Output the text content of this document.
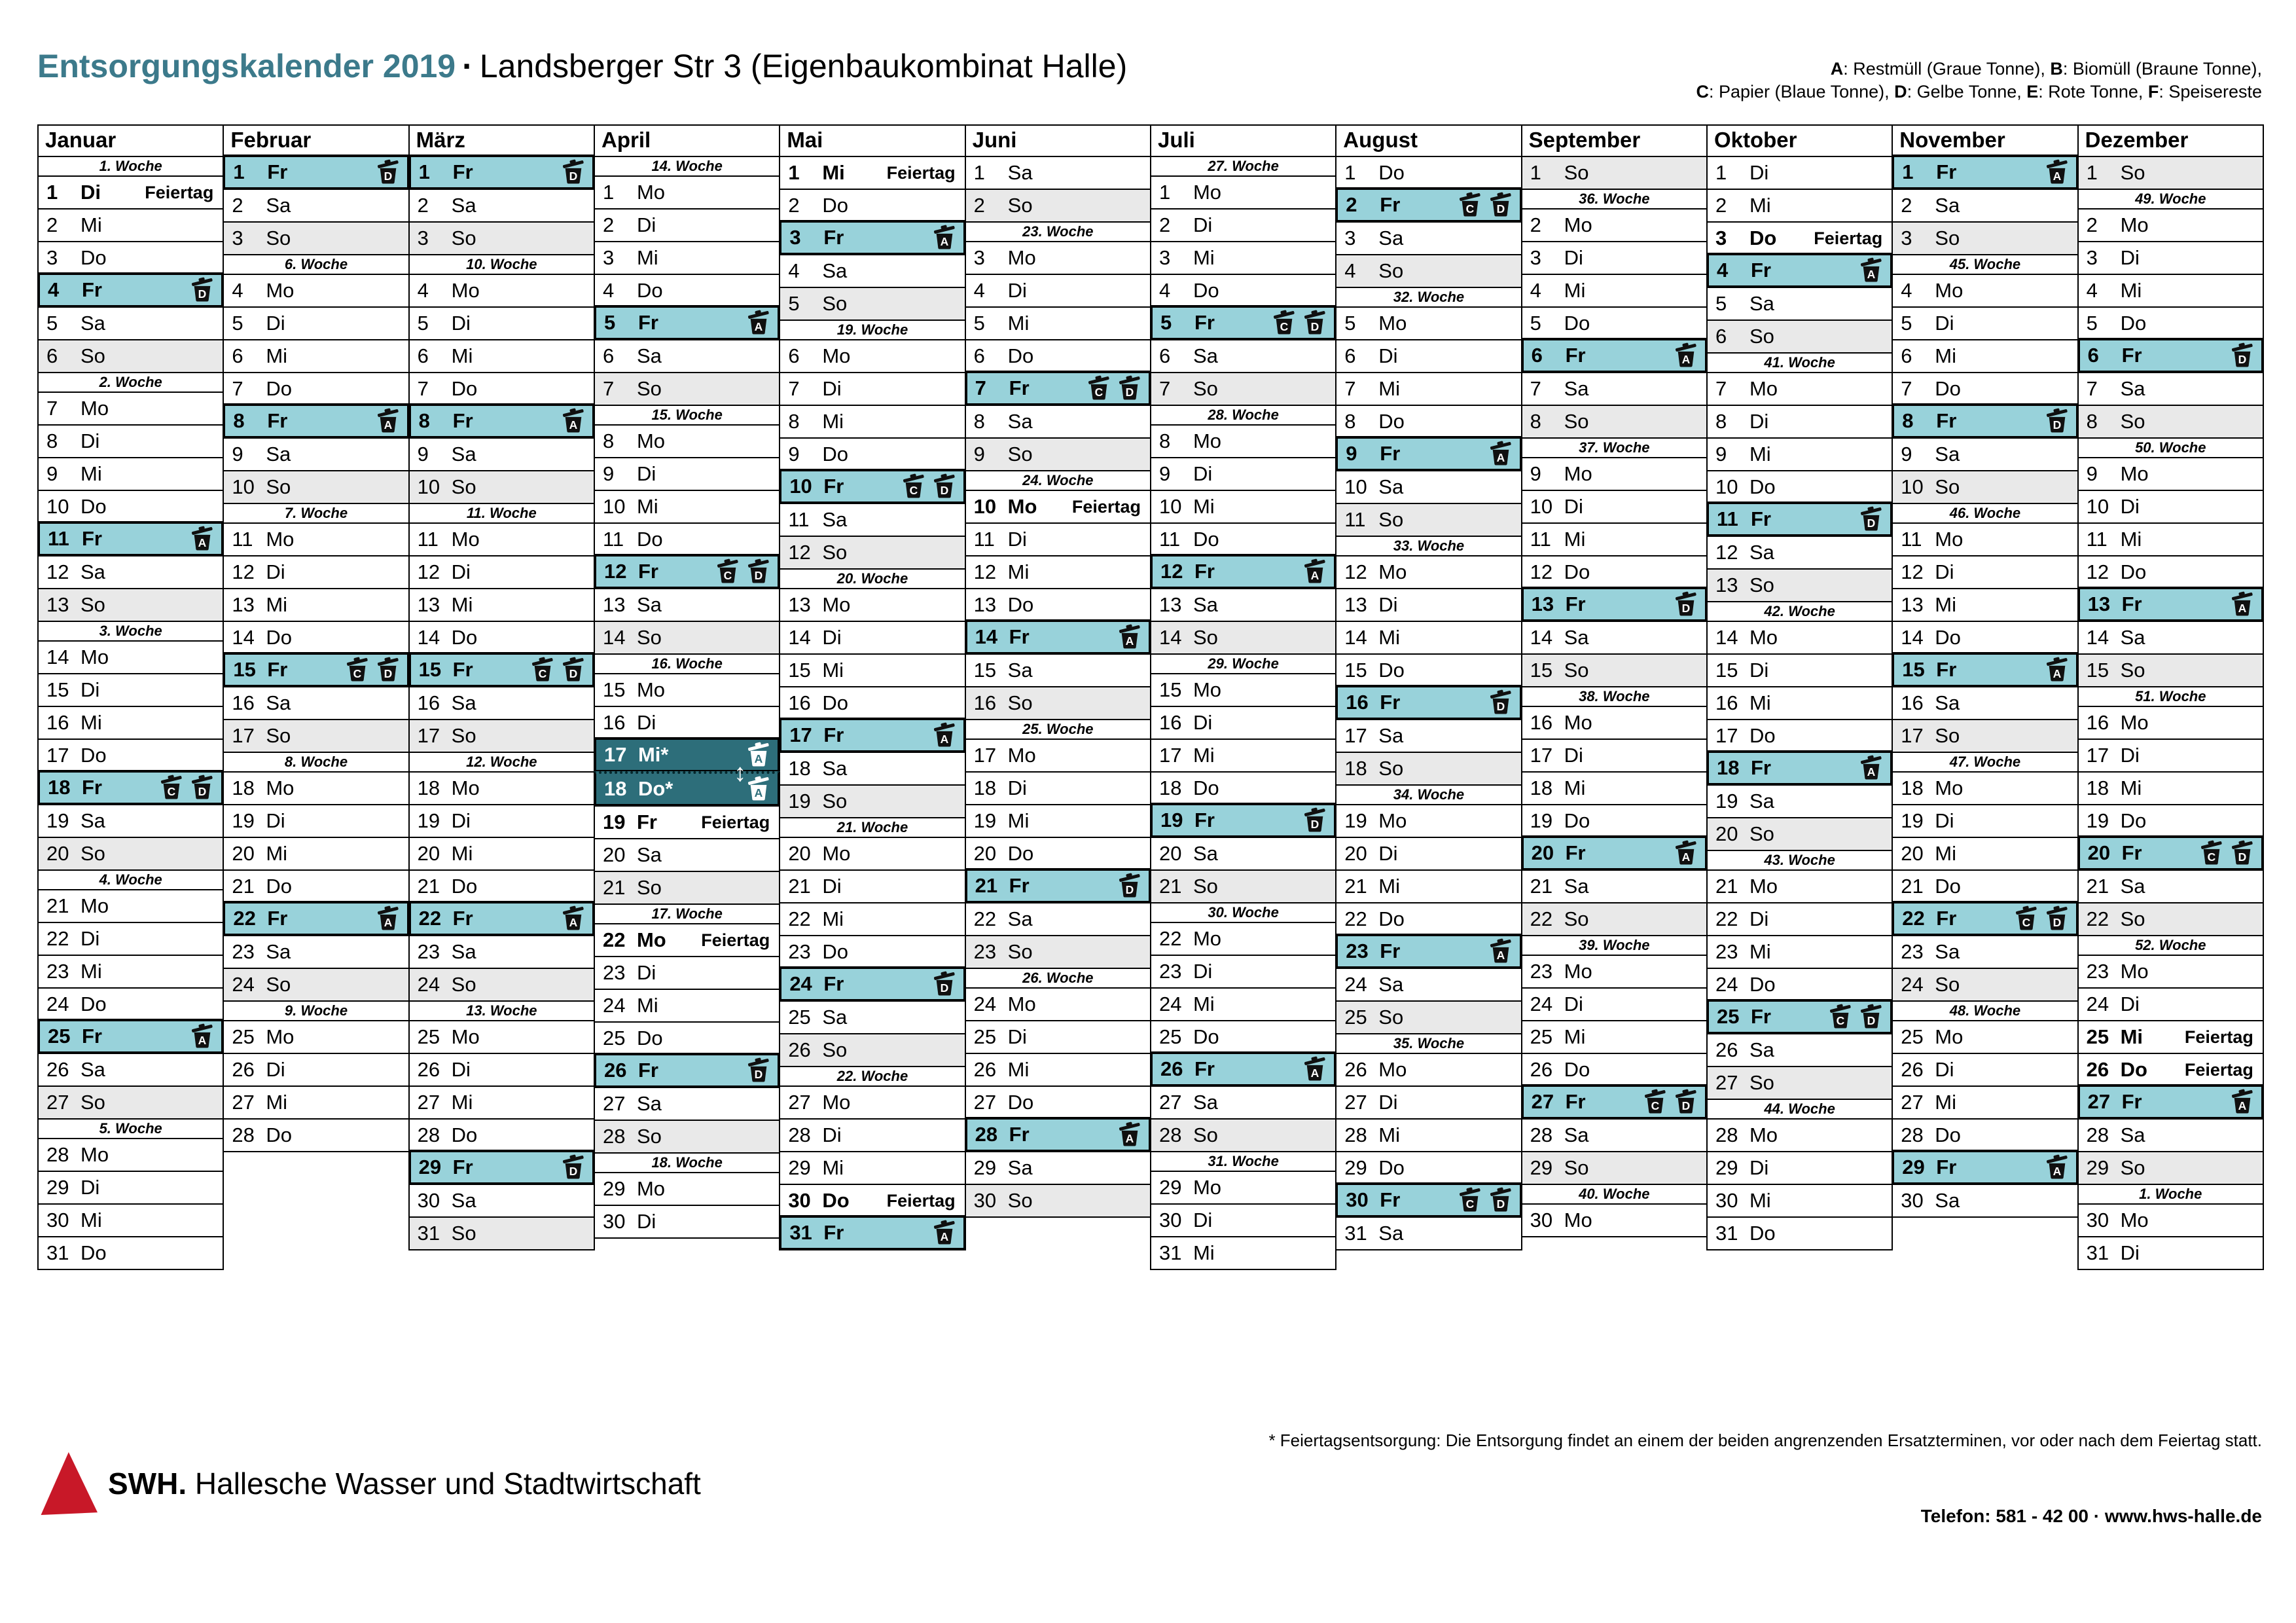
Entsorgungskalender 2019 · Landsberger Str 3 (Eigenbaukombinat Halle)	A: Restmüll (Graue Tonne), B: Biomüll (Braune Tonne),
C: Papier (Blaue Tonne), D: Gelbe Tonne, E: Rote Tonne, F: Speisereste
Januar
1. Woche
1	Di Feiertag
2	Mi
3	Do
4	Fr	D
5	Sa
6	So
2. Woche
7	Mo
8	Di
9	Mi
10 Do
11 Fr	A
12 Sa
13 So
3. Woche
14 Mo
15 Di
16 Mi
17 Do
18 Fr	C	D
19 Sa
20 So
4. Woche
21 Mo
22 Di
23 Mi
24 Do
25 Fr	A
26 Sa
27 So
5. Woche
28 Mo
29 Di
30 Mi
31 Do
Februar
1	Fr	D
2	Sa
3	So
6. Woche
4	Mo
5	Di
6	Mi
7	Do
8	Fr	A
9	Sa
10 So
7. Woche
11 Mo
12 Di
13 Mi
14 Do
15 Fr	C	D
16 Sa
17 So
8. Woche
18 Mo
19 Di
20 Mi
21 Do
22 Fr	A
23 Sa
24 So
9. Woche
25 Mo
26 Di
27 Mi
28 Do
März
1	Fr	D
2	Sa
3	So
10. Woche
4	Mo
5	Di
6	Mi
7	Do
8	Fr	A
9	Sa
10 So
11. Woche
11 Mo
12 Di
13 Mi
14 Do
15 Fr	C	D
16 Sa
17 So
12. Woche
18 Mo
19 Di
20 Mi
21 Do
22 Fr	A
23 Sa
24 So
13. Woche
25 Mo
26 Di
27 Mi
28 Do
29 Fr	D
30 Sa
31 So
April
14. Woche
1	Mo
2	Di
3	Mi
4	Do
5	Fr	A
6	Sa
7	So
15. Woche
8	Mo
9	Di
10 Mi
11 Do
12 Fr	C	D
13 Sa
14 So
16. Woche
15 Mo
16 Di
17 Mi*	A
18 Do*	A
↕
19 Fr Feiertag
20 Sa
21 So
17. Woche
22 Mo Feiertag
23 Di
24 Mi
25 Do
26 Fr	D
27 Sa
28 So
18. Woche
29 Mo
30 Di
Mai
1	Mi Feiertag
2	Do
3	Fr	A
4	Sa
5	So
19. Woche
6	Mo
7	Di
8	Mi
9	Do
10 Fr	C	D
11 Sa
12 So
20. Woche
13 Mo
14 Di
15 Mi
16 Do
17 Fr	A
18 Sa
19 So
21. Woche
20 Mo
21 Di
22 Mi
23 Do
24 Fr	D
25 Sa
26 So
22. Woche
27 Mo
28 Di
29 Mi
30 Do Feiertag
31 Fr	A
Juni
1	Sa
2	So
23. Woche
3	Mo
4	Di
5	Mi
6	Do
7	Fr	C	D
8	Sa
9	So
24. Woche
10 Mo Feiertag
11 Di
12 Mi
13 Do
14 Fr	A
15 Sa
16 So
25. Woche
17 Mo
18 Di
19 Mi
20 Do
21 Fr	D
22 Sa
23 So
26. Woche
24 Mo
25 Di
26 Mi
27 Do
28 Fr	A
29 Sa
30 So
Juli
27. Woche
1	Mo
2	Di
3	Mi
4	Do
5	Fr	C	D
6	Sa
7	So
28. Woche
8	Mo
9	Di
10 Mi
11 Do
12 Fr	A
13 Sa
14 So
29. Woche
15 Mo
16 Di
17 Mi
18 Do
19 Fr	D
20 Sa
21 So
30. Woche
22 Mo
23 Di
24 Mi
25 Do
26 Fr	A
27 Sa
28 So
31. Woche
29 Mo
30 Di
31 Mi
August
1	Do
2	Fr	C	D
3	Sa
4	So
32. Woche
5	Mo
6	Di
7	Mi
8	Do
9	Fr	A
10 Sa
11 So
33. Woche
12 Mo
13 Di
14 Mi
15 Do
16 Fr	D
17 Sa
18 So
34. Woche
19 Mo
20 Di
21 Mi
22 Do
23 Fr	A
24 Sa
25 So
35. Woche
26 Mo
27 Di
28 Mi
29 Do
30 Fr	C	D
31 Sa
September
1	So
36. Woche
2	Mo
3	Di
4	Mi
5	Do
6	Fr	A
7	Sa
8	So
37. Woche
9	Mo
10 Di
11 Mi
12 Do
13 Fr	D
14 Sa
15 So
38. Woche
16 Mo
17 Di
18 Mi
19 Do
20 Fr	A
21 Sa
22 So
39. Woche
23 Mo
24 Di
25 Mi
26 Do
27 Fr	C	D
28 Sa
29 So
40. Woche
30 Mo
Oktober
1	Di
2	Mi
3	Do Feiertag
4	Fr	A
5	Sa
6	So
41. Woche
7	Mo
8	Di
9	Mi
10 Do
11 Fr	D
12 Sa
13 So
42. Woche
14 Mo
15 Di
16 Mi
17 Do
18 Fr	A
19 Sa
20 So
43. Woche
21 Mo
22 Di
23 Mi
24 Do
25 Fr	C	D
26 Sa
27 So
44. Woche
28 Mo
29 Di
30 Mi
31 Do
November
1	Fr	A
2	Sa
3	So
45. Woche
4	Mo
5	Di
6	Mi
7	Do
8	Fr	D
9	Sa
10 So
46. Woche
11 Mo
12 Di
13 Mi
14 Do
15 Fr	A
16 Sa
17 So
47. Woche
18 Mo
19 Di
20 Mi
21 Do
22 Fr	C	D
23 Sa
24 So
48. Woche
25 Mo
26 Di
27 Mi
28 Do
29 Fr	A
30 Sa
Dezember
1	So
49. Woche
2	Mo
3	Di
4	Mi
5	Do
6	Fr	D
7	Sa
8	So
50. Woche
9	Mo
10 Di
11 Mi
12 Do
13 Fr	A
14 Sa
15 So
51. Woche
16 Mo
17 Di
18 Mi
19 Do
20 Fr	C	D
21 Sa
22 So
52. Woche
23 Mo
24 Di
25 Mi Feiertag
26 Do Feiertag
27 Fr	A
28 Sa
29 So
1. Woche
30 Mo
31 Di
* Feiertagsentsorgung: Die Entsorgung findet an einem der beiden angrenzenden Ersatzterminen, vor oder nach dem Feiertag statt.
SWH. Hallesche Wasser und Stadtwirtschaft
Telefon: 581 - 42 00 · www.hws-halle.de
